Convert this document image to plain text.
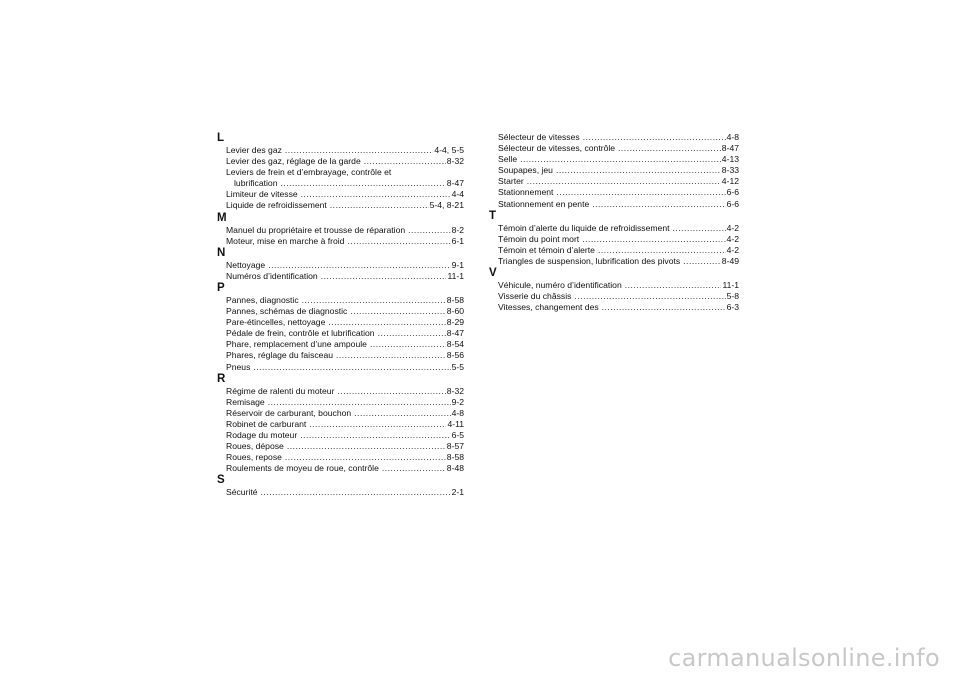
L
Levier des gaz .....	4-4, 5-5
Levier des gaz, réglage de la garde .....	8-32
Leviers de frein et d’embrayage, contrôle et
lubrification .....	8-47
Limiteur de vitesse .....	4-4
Liquide de refroidissement .....	5-4, 8-21
M
Manuel du propriétaire et trousse de réparation .....	8-2
Moteur, mise en marche à froid .....	6-1
N
Nettoyage .....	9-1
Numéros d’identification .....	11-1
P
Pannes, diagnostic .....	8-58
Pannes, schémas de diagnostic .....	8-60
Pare-étincelles, nettoyage .....	8-29
Pédale de frein, contrôle et lubrification .....	8-47
Phare, remplacement d’une ampoule .....	8-54
Phares, réglage du faisceau .....	8-56
Pneus .....	5-5
R
Régime de ralenti du moteur .....	8-32
Remisage .....	9-2
Réservoir de carburant, bouchon .....	4-8
Robinet de carburant .....	4-11
Rodage du moteur .....	6-5
Roues, dépose .....	8-57
Roues, repose .....	8-58
Roulements de moyeu de roue, contrôle .....	8-48
S
Sécurité .....	2-1
Sélecteur de vitesses .....	4-8
Sélecteur de vitesses, contrôle .....	8-47
Selle .....	4-13
Soupapes, jeu .....	8-33
Starter .....	4-12
Stationnement .....	6-6
Stationnement en pente .....	6-6
T
Témoin d’alerte du liquide de refroidissement .....	4-2
Témoin du point mort .....	4-2
Témoin et témoin d’alerte .....	4-2
Triangles de suspension, lubrification des pivots .....	8-49
V
Véhicule, numéro d’identification .....	11-1
Visserie du châssis .....	5-8
Vitesses, changement des .....	6-3
carmanualsonline.info
